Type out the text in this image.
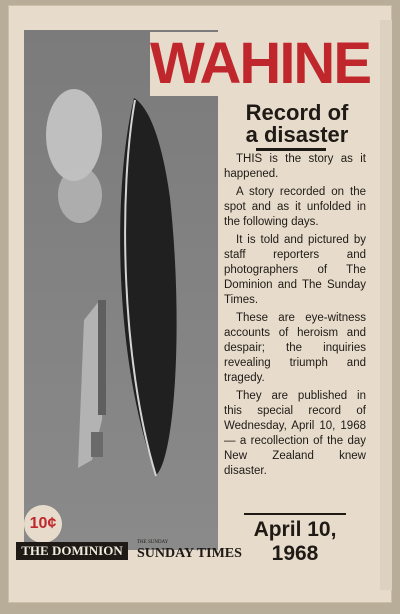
WAHINE
Record of
a disaster

THIS is the story as it happened.

A story recorded on the spot and as it unfolded in the following days.

It is told and pictured by staff reporters and photographers of The Dominion and The Sunday Times.

These are eye-witness accounts of heroism and despair; the inquiries revealing triumph and tragedy.

They are published in this special record of Wednesday, April 10, 1968 — a recollection of the day New Zealand knew disaster.

April 10,
1968
10¢
THE DOMINION
THE SUNDAY
SUNDAY TIMES
